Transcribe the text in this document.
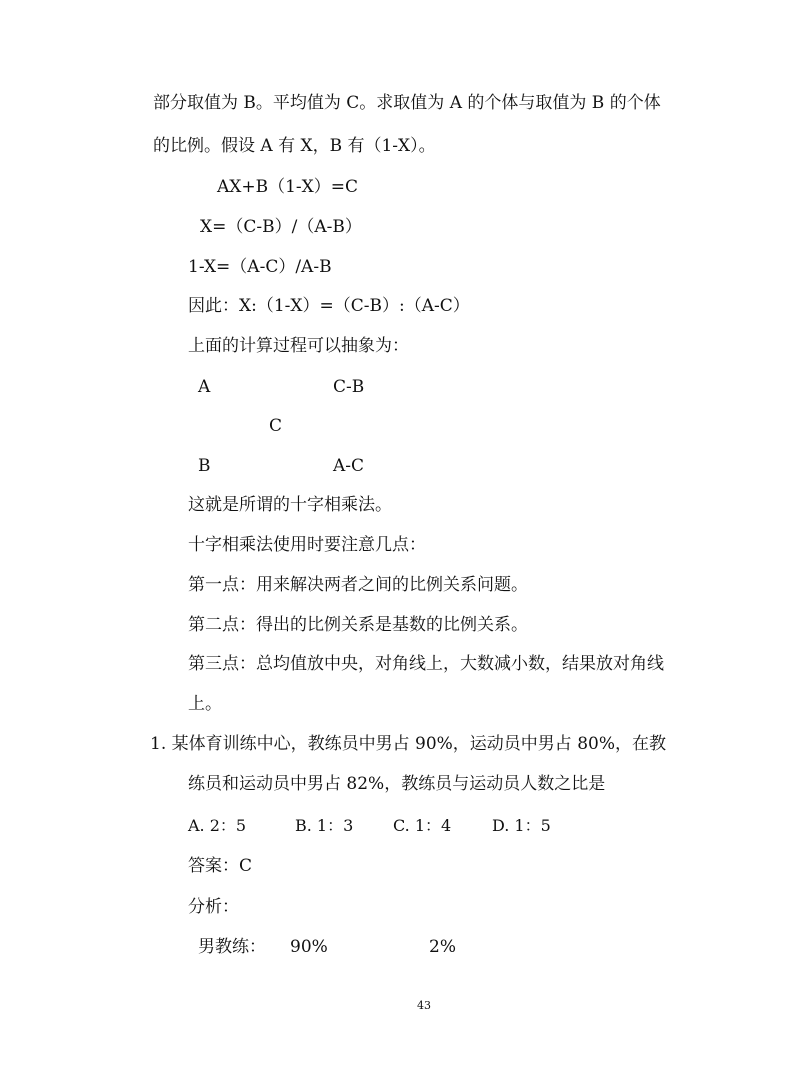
部分取值为 B。平均值为 C。求取值为 A 的个体与取值为 B 的个体
的比例。假设 A 有 X，B 有（1-X）。
AX+B（1-X）=C
X=（C-B）/（A-B）
1-X=（A-C）/A-B
因此：X:（1-X）=（C-B）:（A-C）
上面的计算过程可以抽象为：
A	C-B
C
B	A-C
这就是所谓的十字相乘法。
十字相乘法使用时要注意几点：
第一点：用来解决两者之间的比例关系问题。
第二点：得出的比例关系是基数的比例关系。
第三点：总均值放中央，对角线上，大数减小数，结果放对角线
上。
1. 某体育训练中心，教练员中男占 90%，运动员中男占 80%，在教
练员和运动员中男占 82%，教练员与运动员人数之比是
A. 2：5	B. 1：3 C. 1：4	D. 1：5
答案：C
分析：
男教练： 90%	2%
43
